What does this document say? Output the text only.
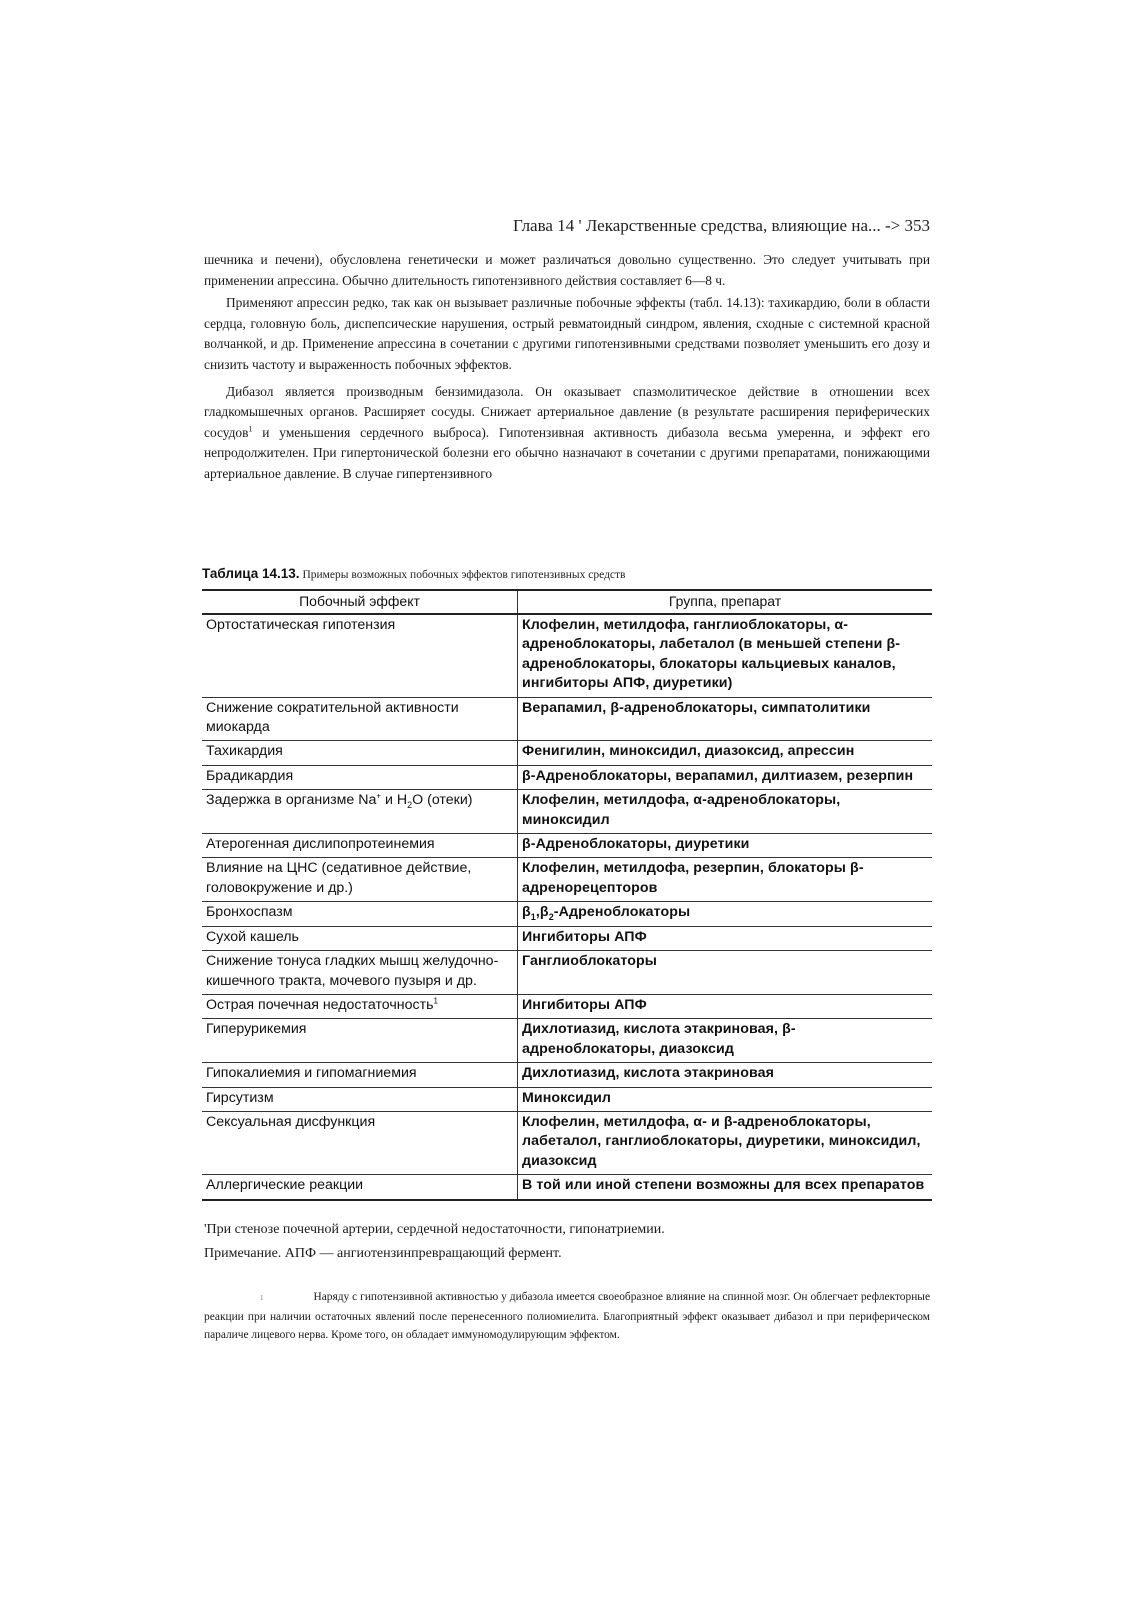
Глава 14 ' Лекарственные средства, влияющие на... -> 353

шечника и печени), обусловлена генетически и может различаться довольно существенно. Это следует учитывать при применении апрессина. Обычно длительность гипотензивного действия составляет 6—8 ч.

Применяют апрессин редко, так как он вызывает различные побочные эффекты (табл. 14.13): тахикардию, боли в области сердца, головную боль, диспепсические нарушения, острый ревматоидный синдром, явления, сходные с системной красной волчанкой, и др. Применение апрессина в сочетании с другими гипотензивными средствами позволяет уменьшить его дозу и снизить частоту и выраженность побочных эффектов.

Дибазол является производным бензимидазола. Он оказывает спазмолитическое действие в отношении всех гладкомышечных органов. Расширяет сосуды. Снижает артериальное давление (в результате расширения периферических сосудов$^1$ и уменьшения сердечного выброса). Гипотензивная активность дибазола весьма умеренна, и эффект его непродолжителен. При гипертонической болезни его обычно назначают в сочетании с другими препаратами, понижающими артериальное давление. В случае гипертензивного

Таблица 14.13. Примеры возможных побочных эффектов гипотензивных средств
Побочный эффект	Группа, препарат
Ортостатическая гипотензия	Клофелин, метилдофа, ганглиоблокаторы, α-адреноблокаторы, лабеталол (в меньшей степени β-адреноблокаторы, блокаторы кальциевых каналов, ингибиторы АПФ, диуретики)
Снижение сократительной активности миокарда	Верапамил, β-адреноблокаторы, симпатолитики
Тахикардия	Фенигилин, миноксидил, диазоксид, апрессин
Брадикардия	β-Адреноблокаторы, верапамил, дилтиазем, резерпин
Задержка в организме Na+ и $H_2O$ (отеки)	Клофелин, метилдофа, α-адреноблокаторы, миноксидил
Атерогенная дислипопротеинемия	β-Адреноблокаторы, диуретики
Влияние на ЦНС (седативное действие, головокружение и др.)	Клофелин, метилдофа, резерпин, блокаторы β-адренорецепторов
Бронхоспазм	$\beta_1,\beta_2$-Адреноблокаторы
Сухой кашель	Ингибиторы АПФ
Снижение тонуса гладких мышц желудочно-кишечного тракта, мочевого пузыря и др.	Ганглиоблокаторы
Острая почечная недостаточность$^1$	Ингибиторы АПФ
Гиперурикемия	Дихлотиазид, кислота этакриновая, β-адреноблокаторы, диазоксид
Гипокалиемия и гипомагниемия	Дихлотиазид, кислота этакриновая
Гирсутизм	Миноксидил
Сексуальная дисфункция	Клофелин, метилдофа, α- и β-адреноблокаторы, лабеталол, ганглиоблокаторы, диуретики, миноксидил, диазоксид
Аллергические реакции	В той или иной степени возможны для всех препаратов

'При стенозе почечной артерии, сердечной недостаточности, гипонатриемии.

Примечание. АПФ — ангиотензинпревращающий фермент.

1	Наряду с гипотензивной активностью у дибазола имеется своеобразное влияние на спинной мозг. Он облегчает рефлекторные реакции при наличии остаточных явлений после перенесенного полиомиелита. Благоприятный эффект оказывает дибазол и при периферическом параличе лицевого нерва. Кроме того, он обладает иммуномодулирующим эффектом.
